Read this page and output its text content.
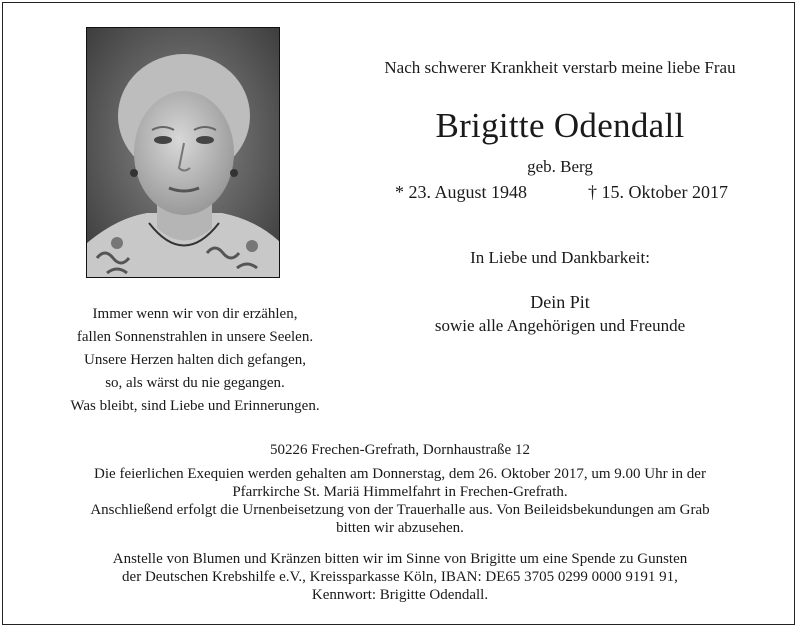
Nach schwerer Krankheit verstarb meine liebe Frau
Brigitte Odendall
geb. Berg
* 23. August 1948	† 15. Oktober 2017
In Liebe und Dankbarkeit:
Dein Pit
sowie alle Angehörigen und Freunde
Immer wenn wir von dir erzählen,
fallen Sonnenstrahlen in unsere Seelen.
Unsere Herzen halten dich gefangen,
so, als wärst du nie gegangen.
Was bleibt, sind Liebe und Erinnerungen.
50226 Frechen-Grefrath, Dornhaustraße 12
Die feierlichen Exequien werden gehalten am Donnerstag, dem 26. Oktober 2017, um 9.00 Uhr in der
Pfarrkirche St. Mariä Himmelfahrt in Frechen-Grefrath.
Anschließend erfolgt die Urnenbeisetzung von der Trauerhalle aus. Von Beileidsbekundungen am Grab
bitten wir abzusehen.
Anstelle von Blumen und Kränzen bitten wir im Sinne von Brigitte um eine Spende zu Gunsten
der Deutschen Krebshilfe e.V., Kreissparkasse Köln, IBAN: DE65 3705 0299 0000 9191 91,
Kennwort: Brigitte Odendall.
